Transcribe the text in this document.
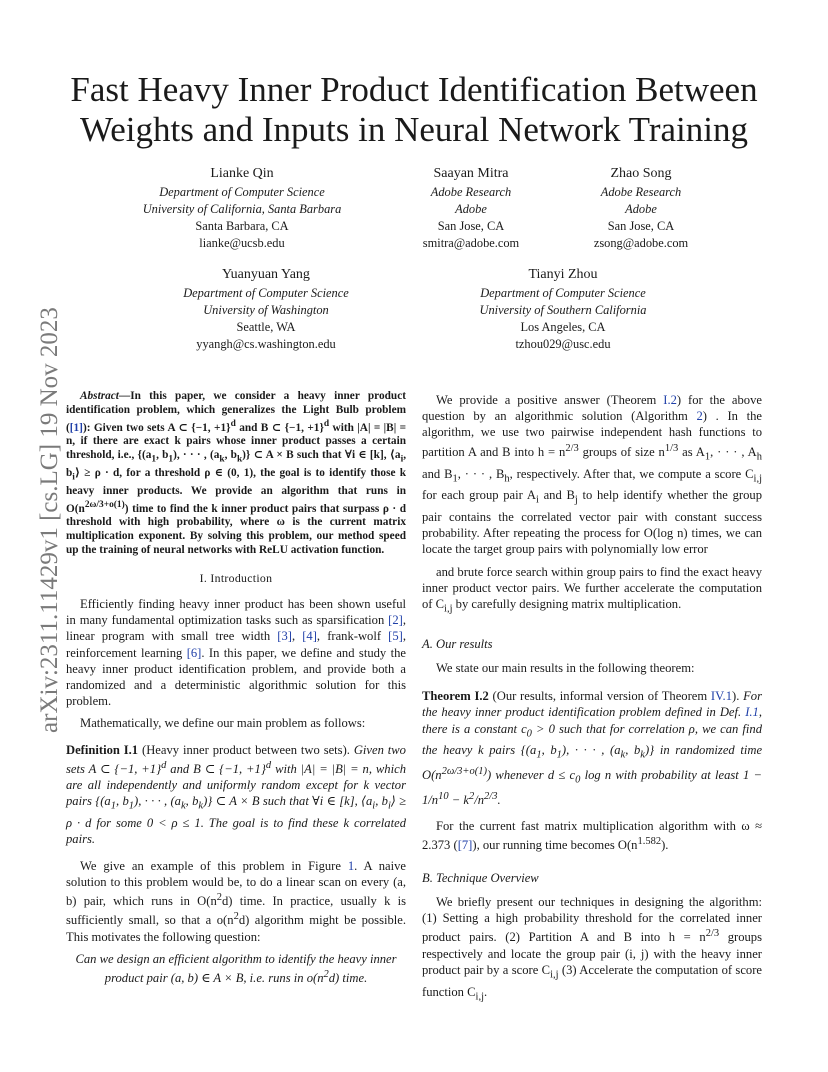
Fast Heavy Inner Product Identification Between
Weights and Inputs in Neural Network Training
Lianke Qin
Department of Computer Science
University of California, Santa Barbara
Santa Barbara, CA
lianke@ucsb.edu
Saayan Mitra
Adobe Research
Adobe
San Jose, CA
smitra@adobe.com
Zhao Song
Adobe Research
Adobe
San Jose, CA
zsong@adobe.com
Yuanyuan Yang
Department of Computer Science
University of Washington
Seattle, WA
yyangh@cs.washington.edu
Tianyi Zhou
Department of Computer Science
University of Southern California
Los Angeles, CA
tzhou029@usc.edu
arXiv:2311.11429v1 [cs.LG] 19 Nov 2023	Abstract—In this paper, we consider a heavy inner product identification problem, which generalizes the Light Bulb problem ([1]): Given two sets A ⊂ {−1, +1}$^d$ and B ⊂ {−1, +1}$^d$ with |A| = |B| = n, if there are exact k pairs whose inner product passes a certain threshold, i.e., {($a_1$, $b_1$), · · · , ($a_k$, $b_k$)} ⊂ A × B such that ∀i ∈ [k], $⟨a_i$, $b_i⟩ \ge \rho \cdot d$, for a threshold ρ ∈ (0, 1), the goal is to identify those k heavy inner products. We provide an algorithm that runs in $O(n^{2\omega/3+o(1)})$ time to find the k inner product pairs that surpass ρ · d threshold with high probability, where ω is the current matrix multiplication exponent. By solving this problem, our method speed up the training of neural networks with ReLU activation function.
I. Introduction

Efficiently finding heavy inner product has been shown useful in many fundamental optimization tasks such as sparsification [2], linear program with small tree width [3], [4], frank-wolf [5], reinforcement learning [6]. In this paper, we define and study the heavy inner product identification problem, and provide both a randomized and a deterministic algorithmic solution for this problem.

Mathematically, we define our main problem as follows:

Definition I.1 (Heavy inner product between two sets). Given two sets A ⊂ {−1, +1}$^d$ and B ⊂ {−1, +1}$^d$ with |A| = |B| = n, which are all independently and uniformly random except for k vector pairs {($a_1$, $b_1$), · · · , ($a_k$, $b_k$)} ⊂ A × B such that ∀i ∈ [k], $⟨a_i$, $b_i⟩ \ge \rho \cdot d$ for some 0 < ρ ≤ 1. The goal is to find these k correlated pairs.

We give an example of this problem in Figure 1. A naive solution to this problem would be, to do a linear scan on every (a, b) pair, which runs in $O(n^2d)$ time. In practice, usually k is sufficiently small, so that a $o(n^2d)$ algorithm might be possible. This motivates the following question:

Can we design an efficient algorithm to identify the heavy inner product pair (a, b) ∈ A × B, i.e. runs in $o(n^2d)$ time.

We provide a positive answer (Theorem I.2) for the above question by an algorithmic solution (Algorithm 2) . In the algorithm, we use two pairwise independent hash functions to partition A and B into $h = n^{2/3}$ groups of size $n^{1/3}$ as $A_1$, · · · , $A_h$ and $B_1$, · · · , $B_h$, respectively. After that, we compute a score $C_{i,j}$ for each group pair $A_i$ and $B_j$ to help identify whether the group pair contains the correlated vector pair with constant success probability. After repeating the process for O(log n) times, we can locate the target group pairs with polynomially low error

and brute force search within group pairs to find the exact heavy inner product vector pairs. We further accelerate the computation of $C_{i,j}$ by carefully designing matrix multiplication.

A. Our results

We state our main results in the following theorem:

Theorem I.2 (Our results, informal version of Theorem IV.1). For the heavy inner product identification problem defined in Def. I.1, there is a constant $c_0 > 0$ such that for correlation ρ, we can find the heavy k pairs {($a_1$, $b_1$), · · · , ($a_k$, $b_k$)} in randomized time $O(n^{2\omega/3+o(1)})$ whenever $d \le c_0$ log n with probability at least $1 - 1/n^{10} - k^2/n^{2/3}$.

For the current fast matrix multiplication algorithm with ω ≈ 2.373 ([7]), our running time becomes $O(n^{1.582})$.

B. Technique Overview

We briefly present our techniques in designing the algorithm: (1) Setting a high probability threshold for the correlated inner product pairs. (2) Partition A and B into $h = n^{2/3}$ groups respectively and locate the group pair (i, j) with the heavy inner product pair by a score $C_{i,j}$ (3) Accelerate the computation of score function $C_{i,j}$.
